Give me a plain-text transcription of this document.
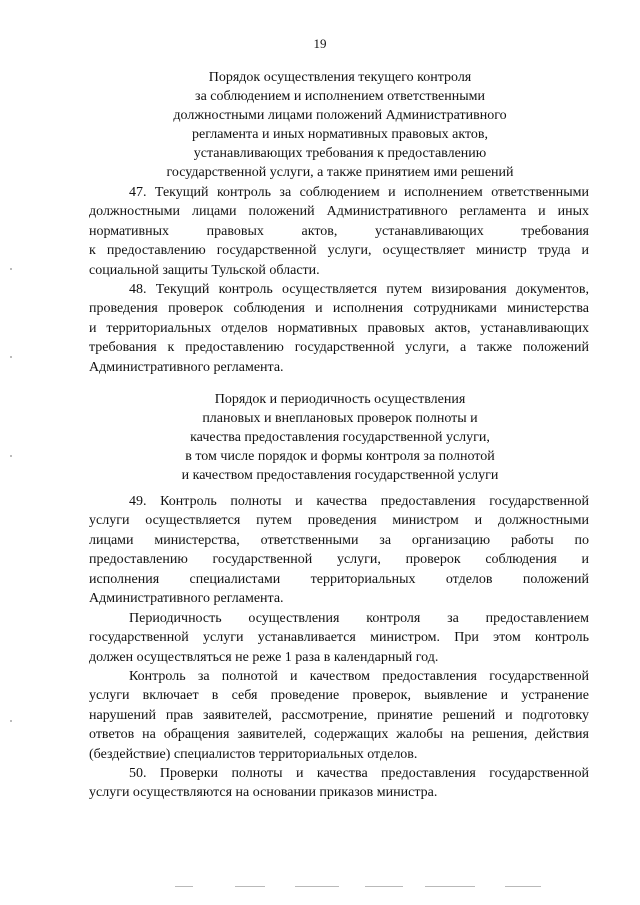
19
Порядок осуществления текущего контроля
за соблюдением и исполнением ответственными
должностными лицами положений Административного
регламента и иных нормативных правовых актов,
устанавливающих требования к предоставлению
государственной услуги, а также принятием ими решений
47. Текущий контроль за соблюдением и исполнением ответственными
должностными лицами положений Административного регламента и иных
нормативных правовых актов, устанавливающих требования
к предоставлению государственной услуги, осуществляет министр труда и
социальной защиты Тульской области.
48. Текущий контроль осуществляется путем визирования документов,
проведения проверок соблюдения и исполнения сотрудниками министерства
и территориальных отделов нормативных правовых актов, устанавливающих
требования к предоставлению государственной услуги, а также положений
Административного регламента.
Порядок и периодичность осуществления
плановых и внеплановых проверок полноты и
качества предоставления государственной услуги,
в том числе порядок и формы контроля за полнотой
и качеством предоставления государственной услуги
49. Контроль полноты и качества предоставления государственной
услуги осуществляется путем проведения министром и должностными
лицами министерства, ответственными за организацию работы по
предоставлению государственной услуги, проверок соблюдения и
исполнения специалистами территориальных отделов положений
Административного регламента.
Периодичность осуществления контроля за предоставлением
государственной услуги устанавливается министром. При этом контроль
должен осуществляться не реже 1 раза в календарный год.
Контроль за полнотой и качеством предоставления государственной
услуги включает в себя проведение проверок, выявление и устранение
нарушений прав заявителей, рассмотрение, принятие решений и подготовку
ответов на обращения заявителей, содержащих жалобы на решения, действия
(бездействие) специалистов территориальных отделов.
50. Проверки полноты и качества предоставления государственной
услуги осуществляются на основании приказов министра.
